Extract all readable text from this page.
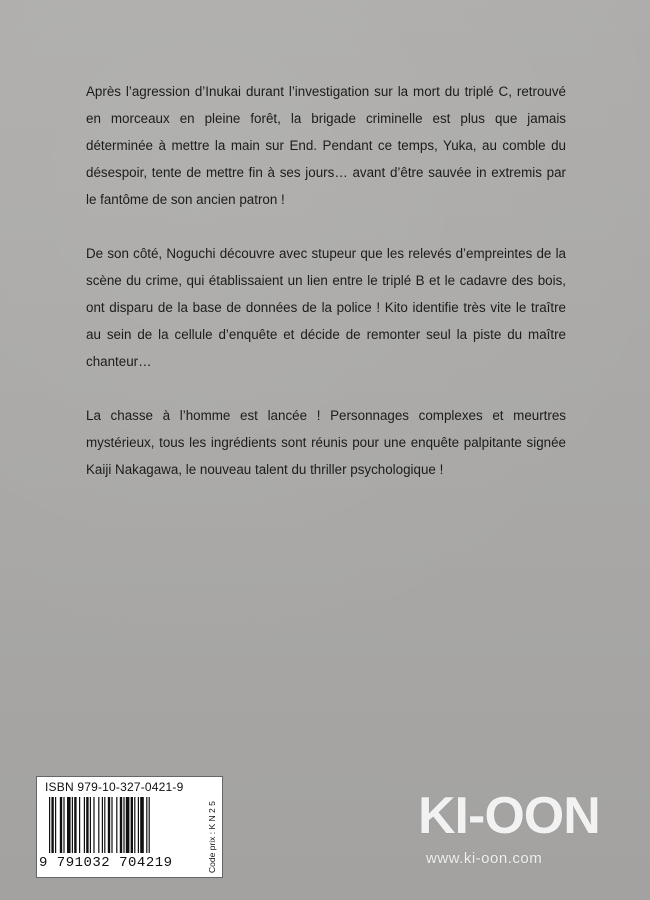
Après l’agression d’Inukai durant l’investigation sur la mort du triplé C, retrouvé en morceaux en pleine forêt, la brigade criminelle est plus que jamais déterminée à mettre la main sur End. Pendant ce temps, Yuka, au comble du désespoir, tente de mettre fin à ses jours… avant d’être sauvée in extremis par le fantôme de son ancien patron !

De son côté, Noguchi découvre avec stupeur que les relevés d’empreintes de la scène du crime, qui établissaient un lien entre le triplé B et le cadavre des bois, ont disparu de la base de données de la police ! Kito identifie très vite le traître au sein de la cellule d’enquête et décide de remonter seul la piste du maître chanteur…

La chasse à l’homme est lancée ! Personnages complexes et meurtres mystérieux, tous les ingrédients sont réunis pour une enquête palpitante signée Kaiji Nakagawa, le nouveau talent du thriller psychologique !

ISBN 979-10-327-0421-9
9 791032 704219	Code prix : K N 2 5	KI-OON
www.ki-oon.com
